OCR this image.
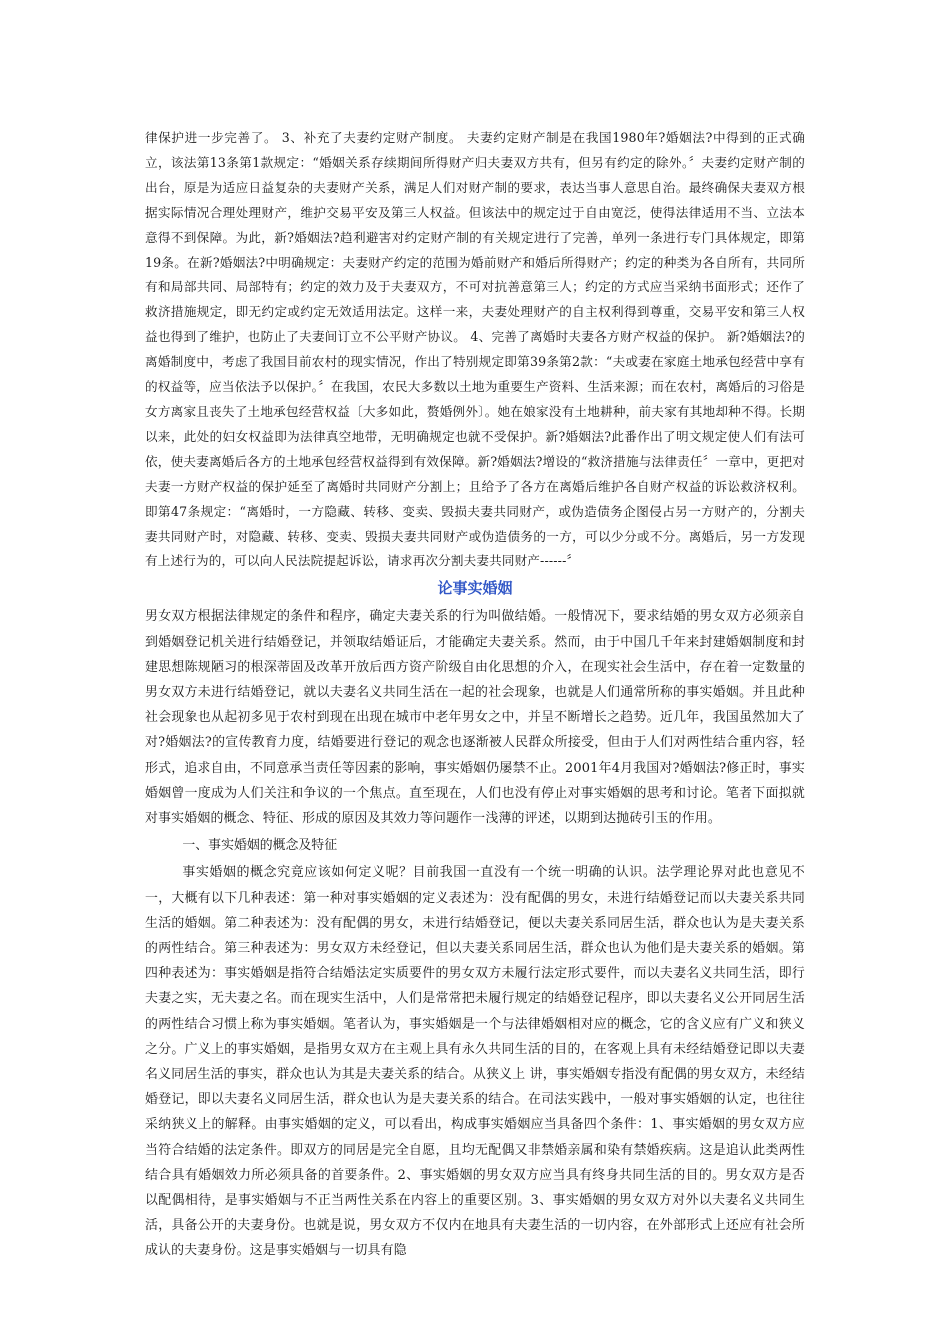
律保护进一步完善了。 3、补充了夫妻约定财产制度。 夫妻约定财产制是在我国1980年?婚姻法?中得到的正式确立，该法第13条第1款规定：“婚姻关系存续期间所得财产归夫妻双方共有，但另有约定的除外。〞夫妻约定财产制的出台，原是为适应日益复杂的夫妻财产关系，满足人们对财产制的要求，表达当事人意思自治。最终确保夫妻双方根据实际情况合理处理财产，维护交易平安及第三人权益。但该法中的规定过于自由宽泛，使得法律适用不当、立法本意得不到保障。为此，新?婚姻法?趋利避害对约定财产制的有关规定进行了完善，单列一条进行专门具体规定，即第19条。在新?婚姻法?中明确规定：夫妻财产约定的范围为婚前财产和婚后所得财产；约定的种类为各自所有，共同所有和局部共同、局部特有；约定的效力及于夫妻双方，不可对抗善意第三人；约定的方式应当采纳书面形式；还作了救济措施规定，即无约定或约定无效适用法定。这样一来，夫妻处理财产的自主权利得到尊重，交易平安和第三人权益也得到了维护，也防止了夫妻间订立不公平财产协议。 4、完善了离婚时夫妻各方财产权益的保护。 新?婚姻法?的离婚制度中，考虑了我国目前农村的现实情况，作出了特别规定即第39条第2款：“夫或妻在家庭土地承包经营中享有的权益等，应当依法予以保护。〞在我国，农民大多数以土地为重要生产资料、生活来源；而在农村，离婚后的习俗是女方离家且丧失了土地承包经营权益〔大多如此，赘婚例外〕。她在娘家没有土地耕种，前夫家有其地却种不得。长期以来，此处的妇女权益即为法律真空地带，无明确规定也就不受保护。新?婚姻法?此番作出了明文规定使人们有法可依，使夫妻离婚后各方的土地承包经营权益得到有效保障。新?婚姻法?增设的“救济措施与法律责任〞一章中，更把对夫妻一方财产权益的保护延至了离婚时共同财产分割上；且给予了各方在离婚后维护各自财产权益的诉讼救济权利。即第47条规定：“离婚时，一方隐藏、转移、变卖、毁损夫妻共同财产，或伪造债务企图侵占另一方财产的，分割夫妻共同财产时，对隐藏、转移、变卖、毁损夫妻共同财产或伪造债务的一方，可以少分或不分。离婚后，另一方发现有上述行为的，可以向人民法院提起诉讼，请求再次分割夫妻共同财产------〞

论事实婚姻

男女双方根据法律规定的条件和程序，确定夫妻关系的行为叫做结婚。一般情况下，要求结婚的男女双方必须亲自到婚姻登记机关进行结婚登记，并领取结婚证后，才能确定夫妻关系。然而，由于中国几千年来封建婚姻制度和封建思想陈规陋习的根深蒂固及改革开放后西方资产阶级自由化思想的介入，在现实社会生活中，存在着一定数量的男女双方未进行结婚登记，就以夫妻名义共同生活在一起的社会现象，也就是人们通常所称的事实婚姻。并且此种社会现象也从起初多见于农村到现在出现在城市中老年男女之中，并呈不断增长之趋势。近几年，我国虽然加大了对?婚姻法?的宣传教育力度，结婚要进行登记的观念也逐渐被人民群众所接受，但由于人们对两性结合重内容，轻形式，追求自由，不同意承当责任等因素的影响，事实婚姻仍屡禁不止。2001年4月我国对?婚姻法?修正时，事实婚姻曾一度成为人们关注和争议的一个焦点。直至现在，人们也没有停止对事实婚姻的思考和讨论。笔者下面拟就对事实婚姻的概念、特征、形成的原因及其效力等问题作一浅薄的评述，以期到达抛砖引玉的作用。

一、事实婚姻的概念及特征

事实婚姻的概念究竟应该如何定义呢？目前我国一直没有一个统一明确的认识。法学理论界对此也意见不一，大概有以下几种表述：第一种对事实婚姻的定义表述为：没有配偶的男女，未进行结婚登记而以夫妻关系共同生活的婚姻。第二种表述为：没有配偶的男女，未进行结婚登记，便以夫妻关系同居生活，群众也认为是夫妻关系的两性结合。第三种表述为：男女双方未经登记，但以夫妻关系同居生活，群众也认为他们是夫妻关系的婚姻。第四种表述为：事实婚姻是指符合结婚法定实质要件的男女双方未履行法定形式要件，而以夫妻名义共同生活，即行夫妻之实，无夫妻之名。而在现实生活中，人们是常常把未履行规定的结婚登记程序，即以夫妻名义公开同居生活的两性结合习惯上称为事实婚姻。笔者认为，事实婚姻是一个与法律婚姻相对应的概念，它的含义应有广义和狭义之分。广义上的事实婚姻，是指男女双方在主观上具有永久共同生活的目的，在客观上具有未经结婚登记即以夫妻名义同居生活的事实，群众也认为其是夫妻关系的结合。从狭义上 讲，事实婚姻专指没有配偶的男女双方，未经结婚登记，即以夫妻名义同居生活，群众也认为是夫妻关系的结合。在司法实践中，一般对事实婚姻的认定，也往往采纳狭义上的解释。由事实婚姻的定义，可以看出，构成事实婚姻应当具备四个条件：1、事实婚姻的男女双方应当符合结婚的法定条件。即双方的同居是完全自愿，且均无配偶又非禁婚亲属和染有禁婚疾病。这是追认此类两性结合具有婚姻效力所必须具备的首要条件。2、事实婚姻的男女双方应当具有终身共同生活的目的。男女双方是否以配偶相待，是事实婚姻与不正当两性关系在内容上的重要区别。3、事实婚姻的男女双方对外以夫妻名义共同生活，具备公开的夫妻身份。也就是说，男女双方不仅内在地具有夫妻生活的一切内容，在外部形式上还应有社会所成认的夫妻身份。这是事实婚姻与一切具有隐
